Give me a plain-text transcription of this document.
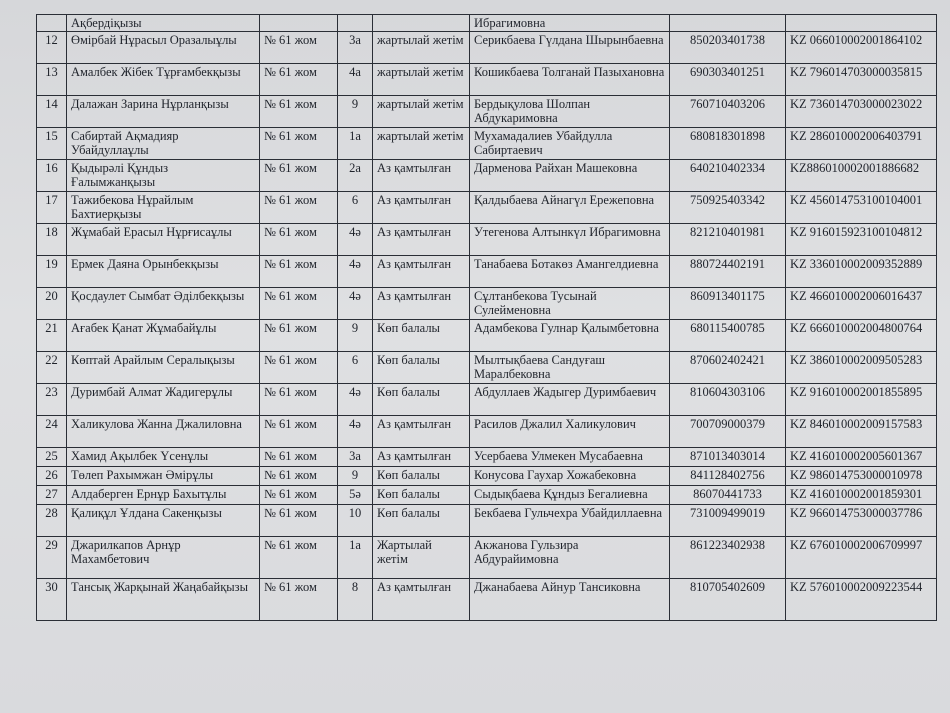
	Ақбердіқызы				Ибрагимовна		
12	Өмірбай Нұрасыл Оразалыұлы	№ 61 жом	3а	жартылай жетім	Серикбаева Гүлдана Шырынбаевна	850203401738	KZ 066010002001864102
13	Амалбек Жібек Тұрғамбекқызы	№ 61 жом	4а	жартылай жетім	Кошикбаева Толганай Пазыхановна	690303401251	KZ 796014703000035815
14	Далажан Зарина Нұрланқызы	№ 61 жом	9	жартылай жетім	Бердықулова Шолпан Абдукаримовна	760710403206	KZ 736014703000023022
15	Сабиртай Ақмадияр Убайдуллаұлы	№ 61 жом	1а	жартылай жетім	Мухамадалиев Убайдулла Сабиртаевич	680818301898	KZ 286010002006403791
16	Қыдырәлі Құндыз Ғалымжанқызы	№ 61 жом	2а	Аз қамтылған	Дарменова Райхан Машековна	640210402334	KZ886010002001886682
17	Тажибекова Нұрайлым Бахтиерқызы	№ 61 жом	6	Аз қамтылған	Қалдыбаева Айнагүл Ережеповна	750925403342	KZ 456014753100104001
18	Жұмабай Ерасыл Нұрғисаұлы	№ 61 жом	4ә	Аз қамтылған	Утегенова Алтынкүл Ибрагимовна	821210401981	KZ 916015923100104812
19	Ермек Даяна Орынбекқызы	№ 61 жом	4ә	Аз қамтылған	Танабаева Ботакөз Амангелдиевна	880724402191	KZ 336010002009352889
20	Қосдаулет Сымбат Әділбекқызы	№ 61 жом	4ә	Аз қамтылған	Сұлтанбекова Тусынай Сулейменовна	860913401175	KZ 466010002006016437
21	Ағабек Қанат Жұмабайұлы	№ 61 жом	9	Көп балалы	Адамбекова Гулнар Қалымбетовна	680115400785	KZ 666010002004800764
22	Көптай Арайлым Сералықызы	№ 61 жом	6	Көп балалы	Мылтықбаева Сандуғаш Маралбековна	870602402421	KZ 386010002009505283
23	Дуримбай Алмат Жадигерұлы	№ 61 жом	4ә	Көп балалы	Абдуллаев Жадыгер Дуримбаевич	810604303106	KZ 916010002001855895
24	Халикулова Жанна Джалиловна	№ 61 жом	4ә	Аз қамтылған	Расилов Джалил Халикулович	700709000379	KZ 846010002009157583
25	Хамид Ақылбек Үсенұлы	№ 61 жом	3а	Аз қамтылған	Усербаева Улмекен Мусабаевна	871013403014	KZ 416010002005601367
26	Төлеп Рахымжан Әмірұлы	№ 61 жом	9	Көп балалы	Конусова Гаухар Хожабековна	841128402756	KZ 986014753000010978
27	Алдаберген Ернұр Бахытұлы	№ 61 жом	5ә	Көп балалы	Сыдықбаева Құндыз Бегалиевна	86070441733	KZ 416010002001859301
28	Қалиқұл Ұлдана Сакенқызы	№ 61 жом	10	Көп балалы	Бекбаева Гульчехра Убайдиллаевна	731009499019	KZ 966014753000037786
29	Джарилкапов Арнұр Махамбетович	№ 61 жом	1а	Жартылай жетім	Акжанова Гульзира Абдурайимовна	861223402938	KZ 676010002006709997
30	Тансық Жарқынай Жаңабайқызы	№ 61 жом	8	Аз қамтылған	Джанабаева Айнур Тансиковна	810705402609	KZ 576010002009223544
